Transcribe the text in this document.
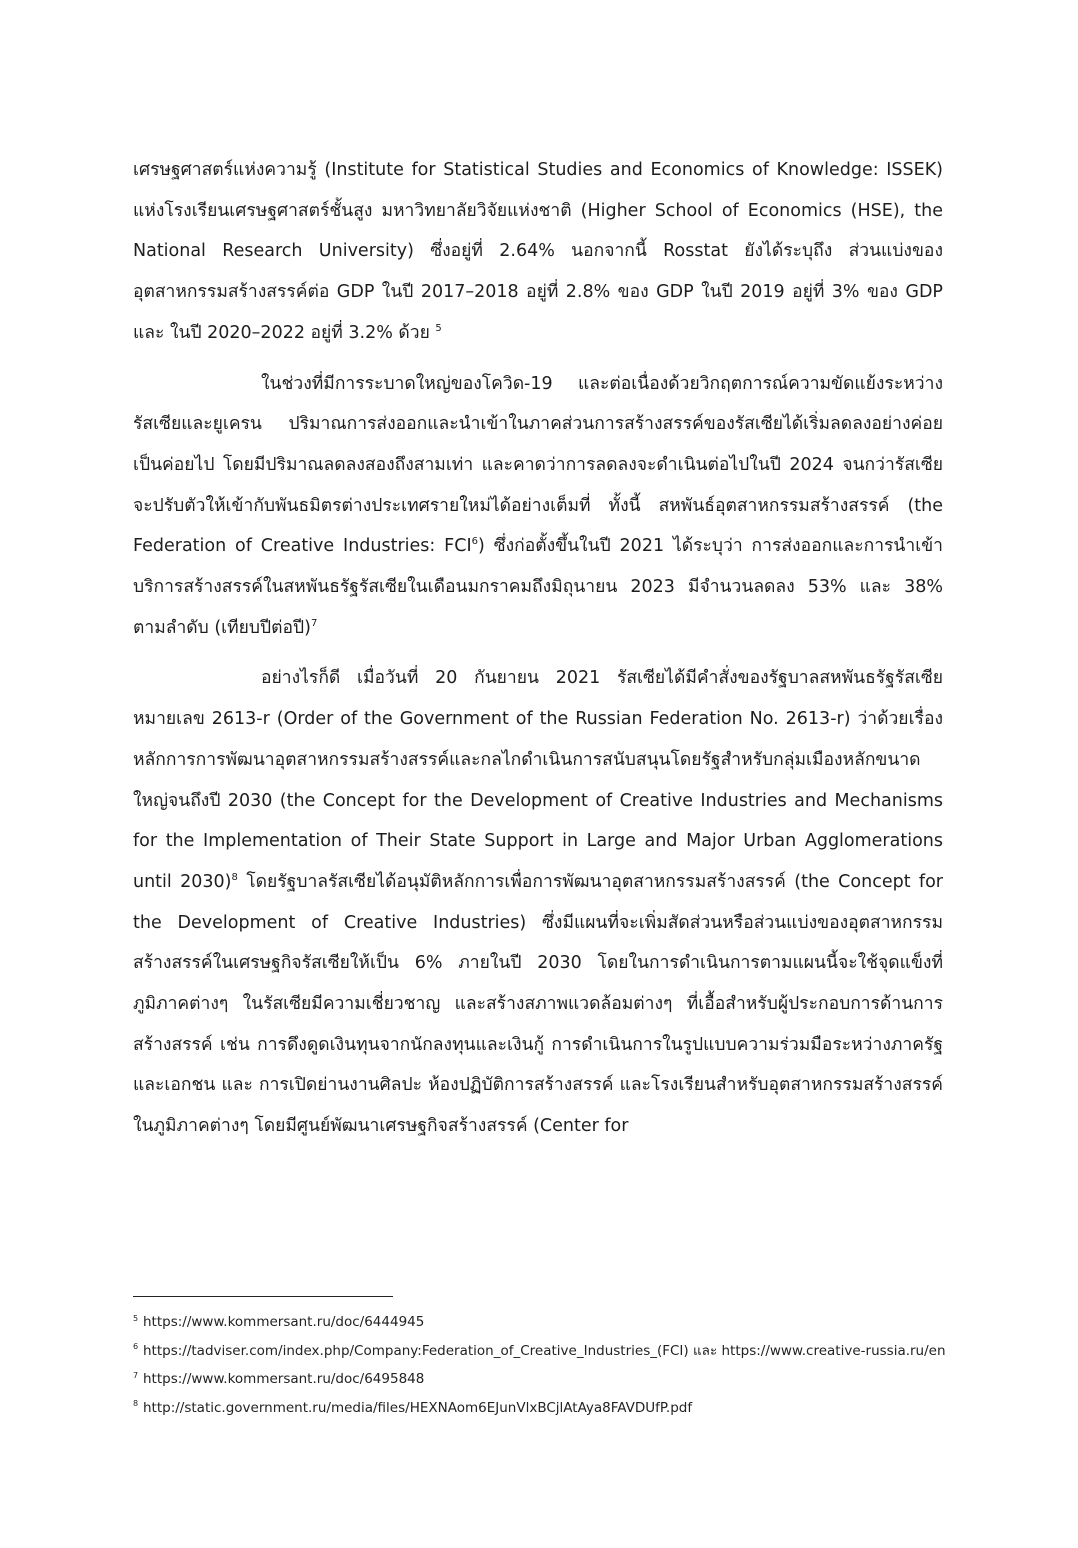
เศรษฐศาสตร์แห่งความรู้ (Institute for Statistical Studies and Economics of Knowledge: ISSEK) แห่งโรงเรียนเศรษฐศาสตร์ชั้นสูง มหาวิทยาลัยวิจัยแห่งชาติ (Higher School of Economics (HSE), the National Research University) ซึ่งอยู่ที่ 2.64% นอกจากนี้ Rosstat ยังได้ระบุถึง ส่วนแบ่งของอุตสาหกรรมสร้างสรรค์ต่อ GDP ในปี 2017–2018 อยู่ที่ 2.8% ของ GDP ในปี 2019 อยู่ที่ 3% ของ GDP และ ในปี 2020–2022 อยู่ที่ 3.2% ด้วย $^5$

ในช่วงที่มีการระบาดใหญ่ของโควิด-19 และต่อเนื่องด้วยวิกฤตการณ์ความขัดแย้งระหว่างรัสเซียและยูเครน ปริมาณการส่งออกและนำเข้าในภาคส่วนการสร้างสรรค์ของรัสเซียได้เริ่มลดลงอย่างค่อยเป็นค่อยไป โดยมีปริมาณลดลงสองถึงสามเท่า และคาดว่าการลดลงจะดำเนินต่อไปในปี 2024 จนกว่ารัสเซียจะปรับตัวให้เข้ากับพันธมิตรต่างประเทศรายใหม่ได้อย่างเต็มที่ ทั้งนี้ สหพันธ์อุตสาหกรรมสร้างสรรค์ (the Federation of Creative Industries: FCI$^6$) ซึ่งก่อตั้งขึ้นในปี 2021 ได้ระบุว่า การส่งออกและการนำเข้าบริการสร้างสรรค์ในสหพันธรัฐรัสเซียในเดือนมกราคมถึงมิถุนายน 2023 มีจำนวนลดลง 53% และ 38% ตามลำดับ (เทียบปีต่อปี)$^7$

อย่างไรก็ดี เมื่อวันที่ 20 กันยายน 2021 รัสเซียได้มีคำสั่งของรัฐบาลสหพันธรัฐรัสเซีย หมายเลข 2613-r (Order of the Government of the Russian Federation No. 2613-r) ว่าด้วยเรื่อง หลักการการพัฒนาอุตสาหกรรมสร้างสรรค์และกลไกดำเนินการสนับสนุนโดยรัฐสำหรับกลุ่มเมืองหลักขนาดใหญ่จนถึงปี 2030 (the Concept for the Development of Creative Industries and Mechanisms for the Implementation of Their State Support in Large and Major Urban Agglomerations until 2030)$^8$ โดยรัฐบาลรัสเซียได้อนุมัติหลักการเพื่อการพัฒนาอุตสาหกรรมสร้างสรรค์ (the Concept for the Development of Creative Industries) ซึ่งมีแผนที่จะเพิ่มสัดส่วนหรือส่วนแบ่งของอุตสาหกรรมสร้างสรรค์ในเศรษฐกิจรัสเซียให้เป็น 6% ภายในปี 2030 โดยในการดำเนินการตามแผนนี้จะใช้จุดแข็งที่ภูมิภาคต่างๆ ในรัสเซียมีความเชี่ยวชาญ และสร้างสภาพแวดล้อมต่างๆ ที่เอื้อสำหรับผู้ประกอบการด้านการสร้างสรรค์ เช่น การดึงดูดเงินทุนจากนักลงทุนและเงินกู้ การดำเนินการในรูปแบบความร่วมมือระหว่างภาครัฐและเอกชน และ การเปิดย่านงานศิลปะ ห้องปฏิบัติการสร้างสรรค์ และโรงเรียนสำหรับอุตสาหกรรมสร้างสรรค์ในภูมิภาคต่างๆ โดยมีศูนย์พัฒนาเศรษฐกิจสร้างสรรค์ (Center for

5 https://www.kommersant.ru/doc/6444945
6 https://tadviser.com/index.php/Company:Federation_of_Creative_Industries_(FCI) และ https://www.creative-russia.ru/en
7 https://www.kommersant.ru/doc/6495848
8 http://static.government.ru/media/files/HEXNAom6EJunVlxBCjlAtAya8FAVDUfP.pdf
